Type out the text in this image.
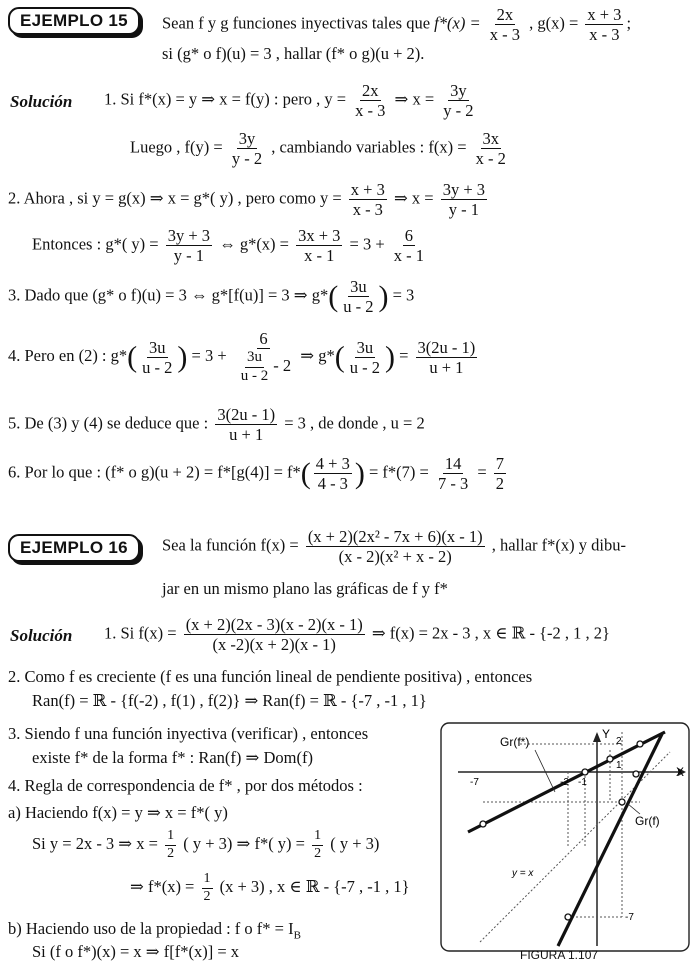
EJEMPLO 15	Sean f y g funciones inyectivas tales que $f*(x) = \frac{2x}{x - 3}$ , $g(x) = \frac{x + 3}{x - 3}$ ;
si (g* o f)(u) = 3 , hallar (f* o g)(u + 2).
Solución 1. Si f*(x) = y ⇒ x = f(y) : pero , $y = \frac{2x}{x - 3}$ ⇒ $x = \frac{3y}{y - 2}$
Luego , $f(y) = \frac{3y}{y - 2}$ , cambiando variables : $f(x) = \frac{3x}{x - 2}$
2. Ahora , si y = g(x) ⇒ x = g*( y) , pero como $y = \frac{x + 3}{x - 3}$ ⇒ $x = \frac{3y + 3}{y - 1}$
Entonces : g*( $y) = \frac{3y + 3}{y - 1}$ ⇔ $g*(x) = \frac{3x + 3}{x - 1} = 3 + \frac{6}{x - 1}$
3. Dado que (g* o f)(u) = 3 ⇔ g*[f(u)] = 3 ⇒ $g*( \frac{3u}{u - 2}$ ) = 3
4. Pero en (2) : $g*( \frac{3u}{u - 2}$ ) = $3 + \frac{6}{\frac{3u}{u - 2} - 2}$ ⇒ $g*( \frac{3u}{u - 2}$ ) = $\frac{3(2u - 1)}{u + 1}$
5. De (3) y (4) se deduce que : $\frac{3(2u - 1)}{u + 1} = 3$ , de donde , u = 2
6. Por lo que : (f* o $g)(u + 2) = f*[g(4)] = f*( \frac{4 + 3}{4 - 3}$ ) = $f*(7) = \frac{14}{7 - 3} = \frac{7}{2}$
EJEMPLO 16	Sea la función $f(x) = \frac{\text{(x + 2)(2x² - 7x + 6)(x - 1)}}{\text{(x - 2)(x² + x - 2)}}$ , hallar f*(x) y dibu-
jar en un mismo plano las gráficas de f y f*
Solución 1. Si $f(x) = \frac{(x + 2)(2x - 3)(x - 2)(x - 1)}{(x -2)(x + 2)(x - 1)}$ ⇒ f(x) = 2x - 3 , x ∈ ℝ - {-2 , 1 , 2}
2. Como f es creciente (f es una función lineal de pendiente positiva) , entonces
Ran(f) = ℝ - {f(-2) , f(1) , f(2)} ⇒ Ran(f) = ℝ - {-7 , -1 , 1}
3. Siendo f una función inyectiva (verificar) , entonces
existe f* de la forma f* : Ran(f) ⇒ Dom(f)
4. Regla de correspondencia de f* , por dos métodos :
a) Haciendo f(x) = y ⇒ x = f*( y)
Si y = 2x - 3 ⇒ $x = \frac{1}{2}$ ( y + 3) ⇒ f*( $y) = \frac{1}{2}$ ( y + 3)
⇒ $f*(x) = \frac{1}{2} (x + 3)$ , x ∈ ℝ - {-7 , -1 , 1}
b) Haciendo uso de la propiedad : f o $f* = I_B$
Si (f o f*)(x) = x ⇒ f[f*(x)] = x
Y
X
Gr(f*)
Gr(f)
y = x
2
1
-7	-2 -1
-7
FIGURA 1.107
